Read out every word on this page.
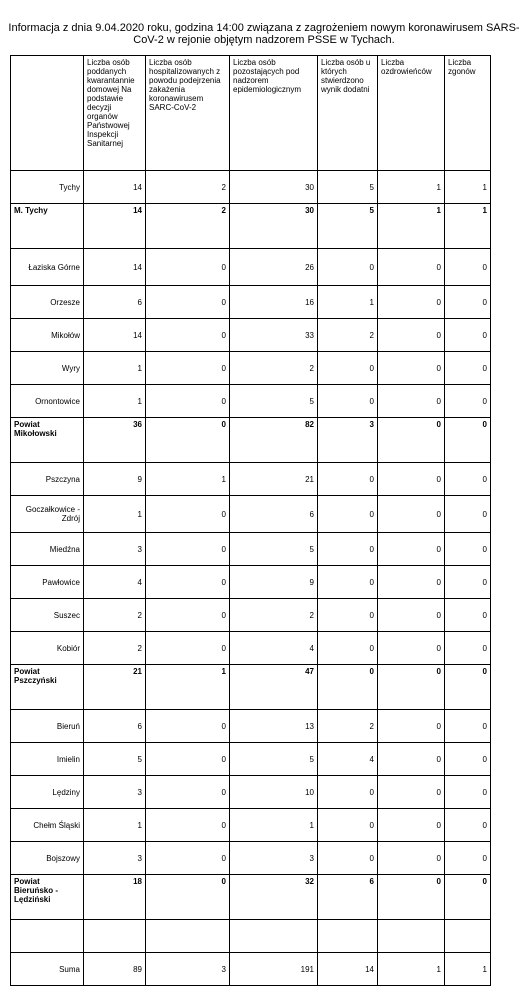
Informacja z dnia 9.04.2020 roku, godzina 14:00 związana z zagrożeniem nowym koronawirusem SARS-CoV-2 w rejonie objętym nadzorem PSSE w Tychach.
	Liczba osób poddanych kwarantannie domowej Na podstawie decyzji organów Państwowej Inspekcji Sanitarnej	Liczba osób hospitalizowanych z powodu podejrzenia zakażenia koronawirusem SARC-CoV-2	Liczba osób pozostających pod nadzorem epidemiologicznym	Liczba osób u których stwierdzono wynik dodatni	Liczba ozdrowieńców	Liczba zgonów
Tychy	14	2	30	5	1	1
M. Tychy	14	2	30	5	1	1
Łaziska Górne	14	0	26	0	0	0
Orzesze	6	0	16	1	0	0
Mikołów	14	0	33	2	0	0
Wyry	1	0	2	0	0	0
Ornontowice	1	0	5	0	0	0
Powiat Mikołowski	36	0	82	3	0	0
Pszczyna	9	1	21	0	0	0
Goczałkowice - Zdrój	1	0	6	0	0	0
Miedźna	3	0	5	0	0	0
Pawłowice	4	0	9	0	0	0
Suszec	2	0	2	0	0	0
Kobiór	2	0	4	0	0	0
Powiat Pszczyński	21	1	47	0	0	0
Bieruń	6	0	13	2	0	0
Imielin	5	0	5	4	0	0
Lędziny	3	0	10	0	0	0
Chełm Śląski	1	0	1	0	0	0
Bojszowy	3	0	3	0	0	0
Powiat Bieruńsko - Lędziński	18	0	32	6	0	0

Suma	89	3	191	14	1	1
